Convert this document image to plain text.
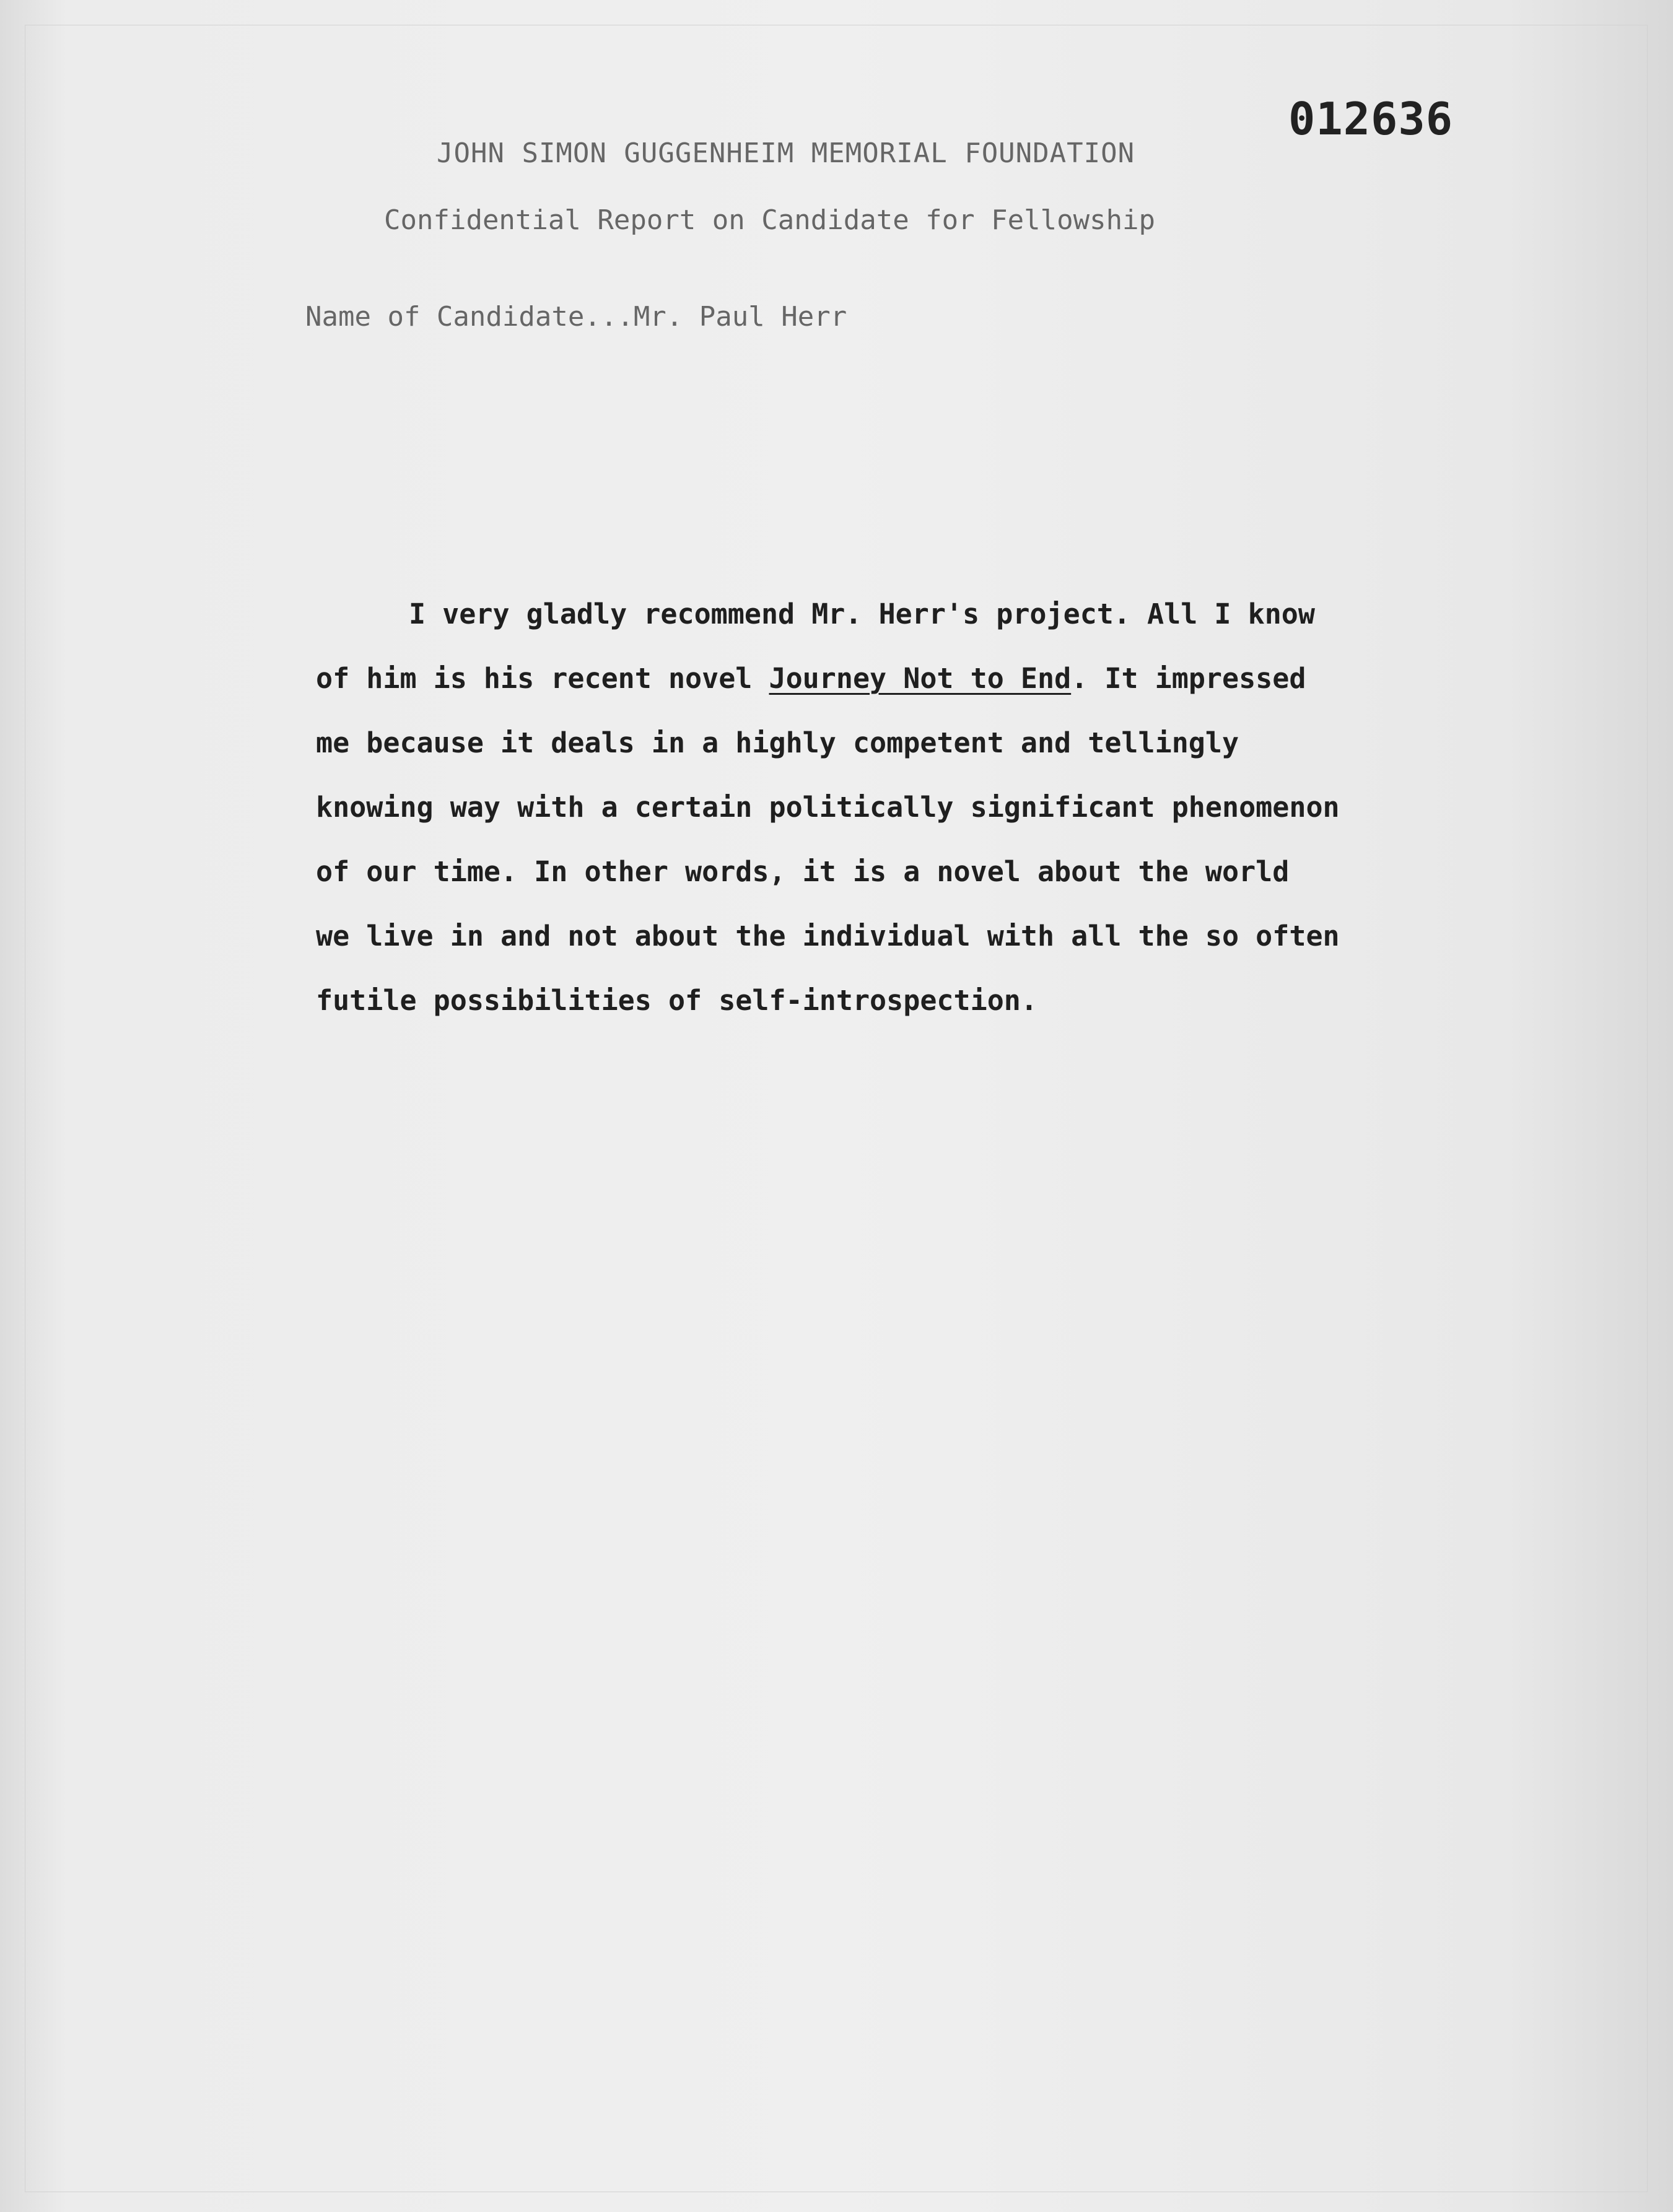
012636
JOHN SIMON GUGGENHEIM MEMORIAL FOUNDATION
Confidential Report on Candidate for Fellowship
Name of Candidate...Mr. Paul Herr
I very gladly recommend Mr. Herr's project. All I know
of him is his recent novel Journey Not to End. It impressed
me because it deals in a highly competent and tellingly
knowing way with a certain politically significant phenomenon
of our time. In other words, it is a novel about the world
we live in and not about the individual with all the so often
futile possibilities of self-introspection.
